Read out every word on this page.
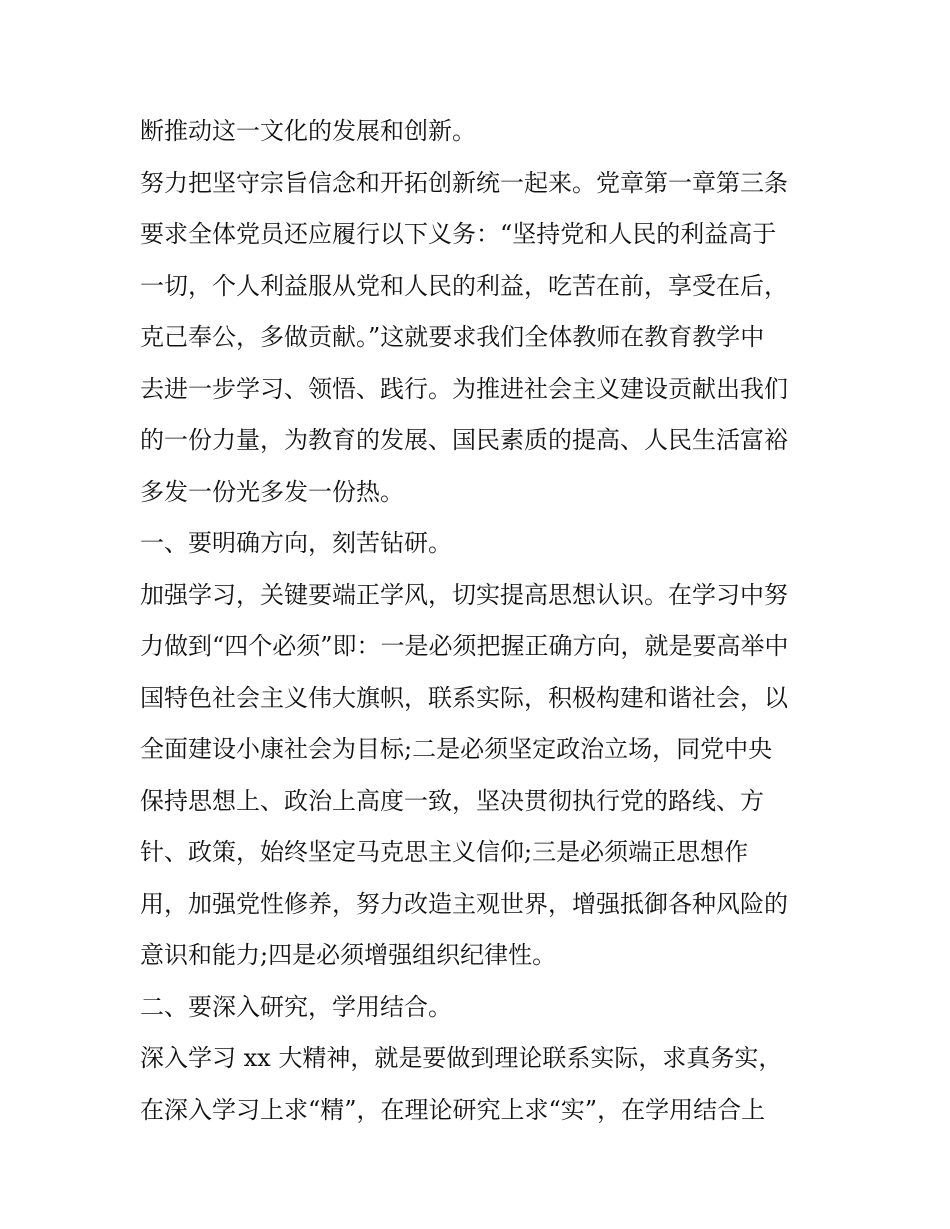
断推动这一文化的发展和创新。
努力把坚守宗旨信念和开拓创新统一起来。党章第一章第三条
要求全体党员还应履行以下义务：“坚持党和人民的利益高于
一切，个人利益服从党和人民的利益，吃苦在前，享受在后，
克己奉公，多做贡献。”这就要求我们全体教师在教育教学中
去进一步学习、领悟、践行。为推进社会主义建设贡献出我们
的一份力量，为教育的发展、国民素质的提高、人民生活富裕
多发一份光多发一份热。
一、要明确方向，刻苦钻研。
加强学习，关键要端正学风，切实提高思想认识。在学习中努
力做到“四个必须”即：一是必须把握正确方向，就是要高举中
国特色社会主义伟大旗帜，联系实际，积极构建和谐社会，以
全面建设小康社会为目标;二是必须坚定政治立场，同党中央
保持思想上、政治上高度一致，坚决贯彻执行党的路线、方
针、政策，始终坚定马克思主义信仰;三是必须端正思想作
用，加强党性修养，努力改造主观世界，增强抵御各种风险的
意识和能力;四是必须增强组织纪律性。
二、要深入研究，学用结合。
深入学习 xx 大精神，就是要做到理论联系实际，求真务实，
在深入学习上求“精”，在理论研究上求“实”，在学用结合上
